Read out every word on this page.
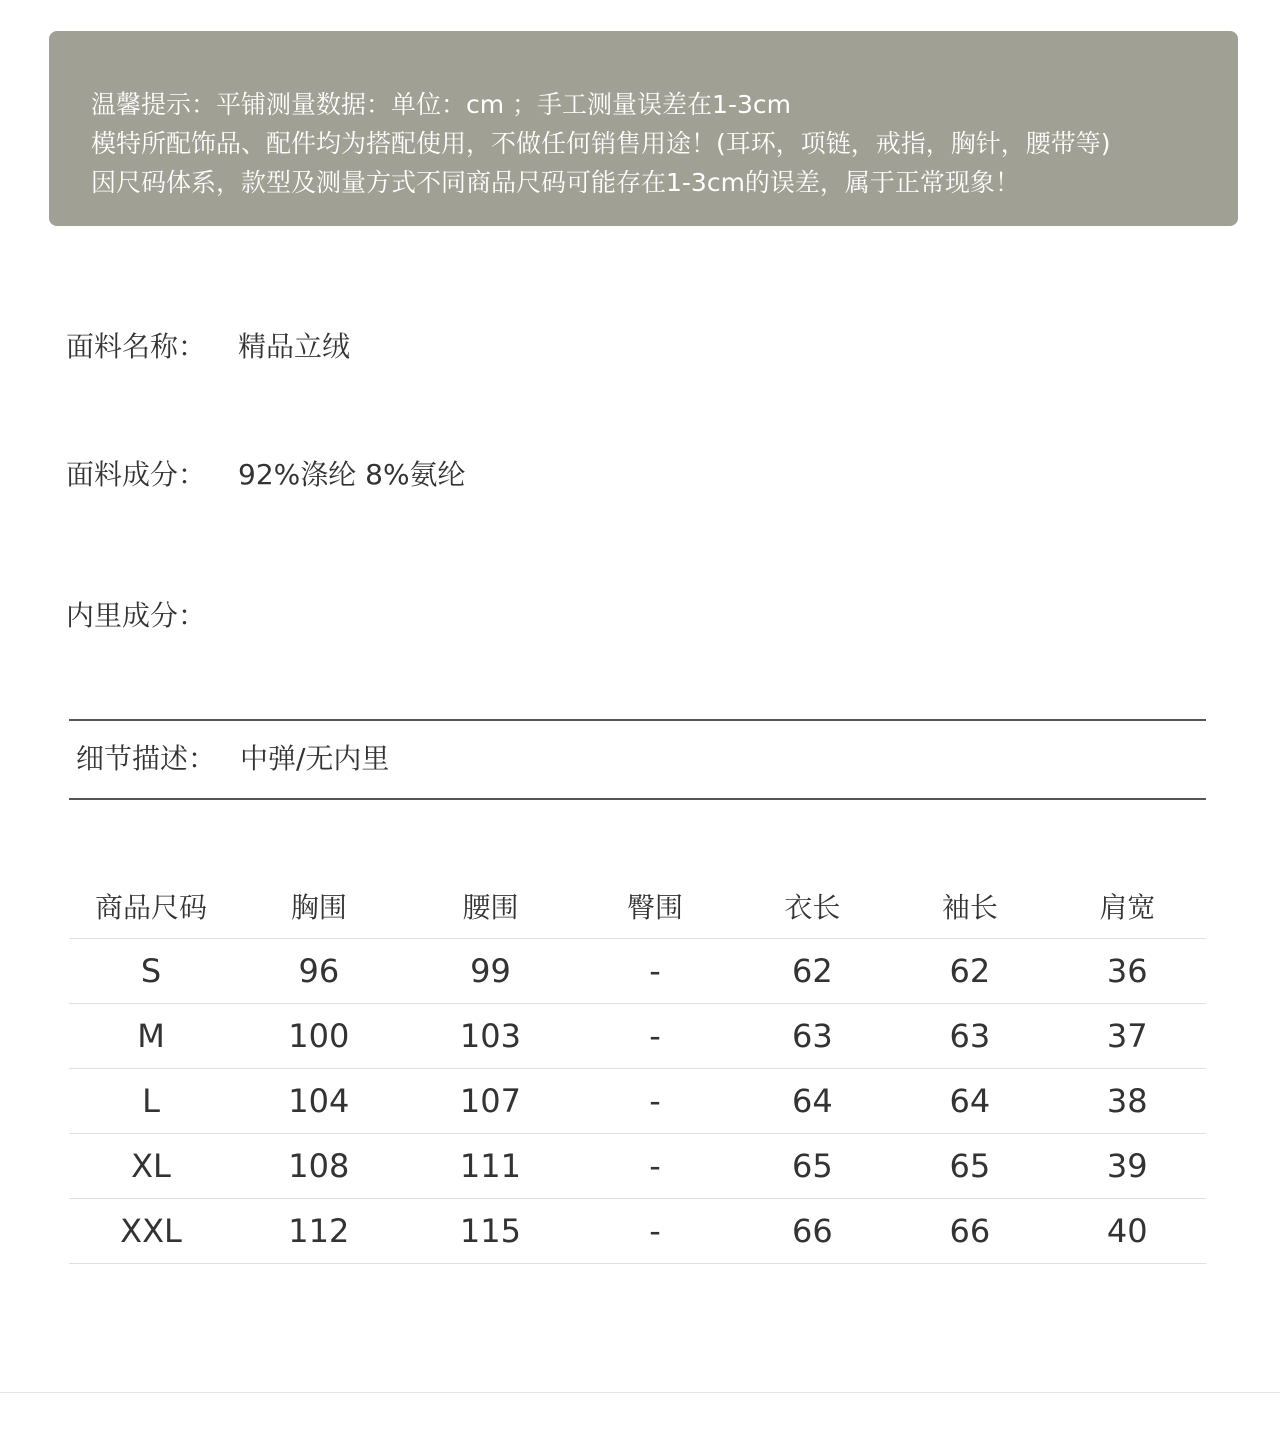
温馨提示：平铺测量数据：单位：cm ；手工测量误差在1-3cm
模特所配饰品、配件均为搭配使用，不做任何销售用途！(耳环，项链，戒指，胸针，腰带等)
因尺码体系，款型及测量方式不同商品尺码可能存在1-3cm的误差，属于正常现象！
面料名称： 精品立绒
面料成分： 92%涤纶 8%氨纶
内里成分：
细节描述： 中弹/无内里
商品尺码	胸围	腰围	臀围	衣长	袖长	肩宽
S	96	99	-	62	62	36
M	100	103	-	63	63	37
L	104	107	-	64	64	38
XL	108	111	-	65	65	39
XXL	112	115	-	66	66	40
